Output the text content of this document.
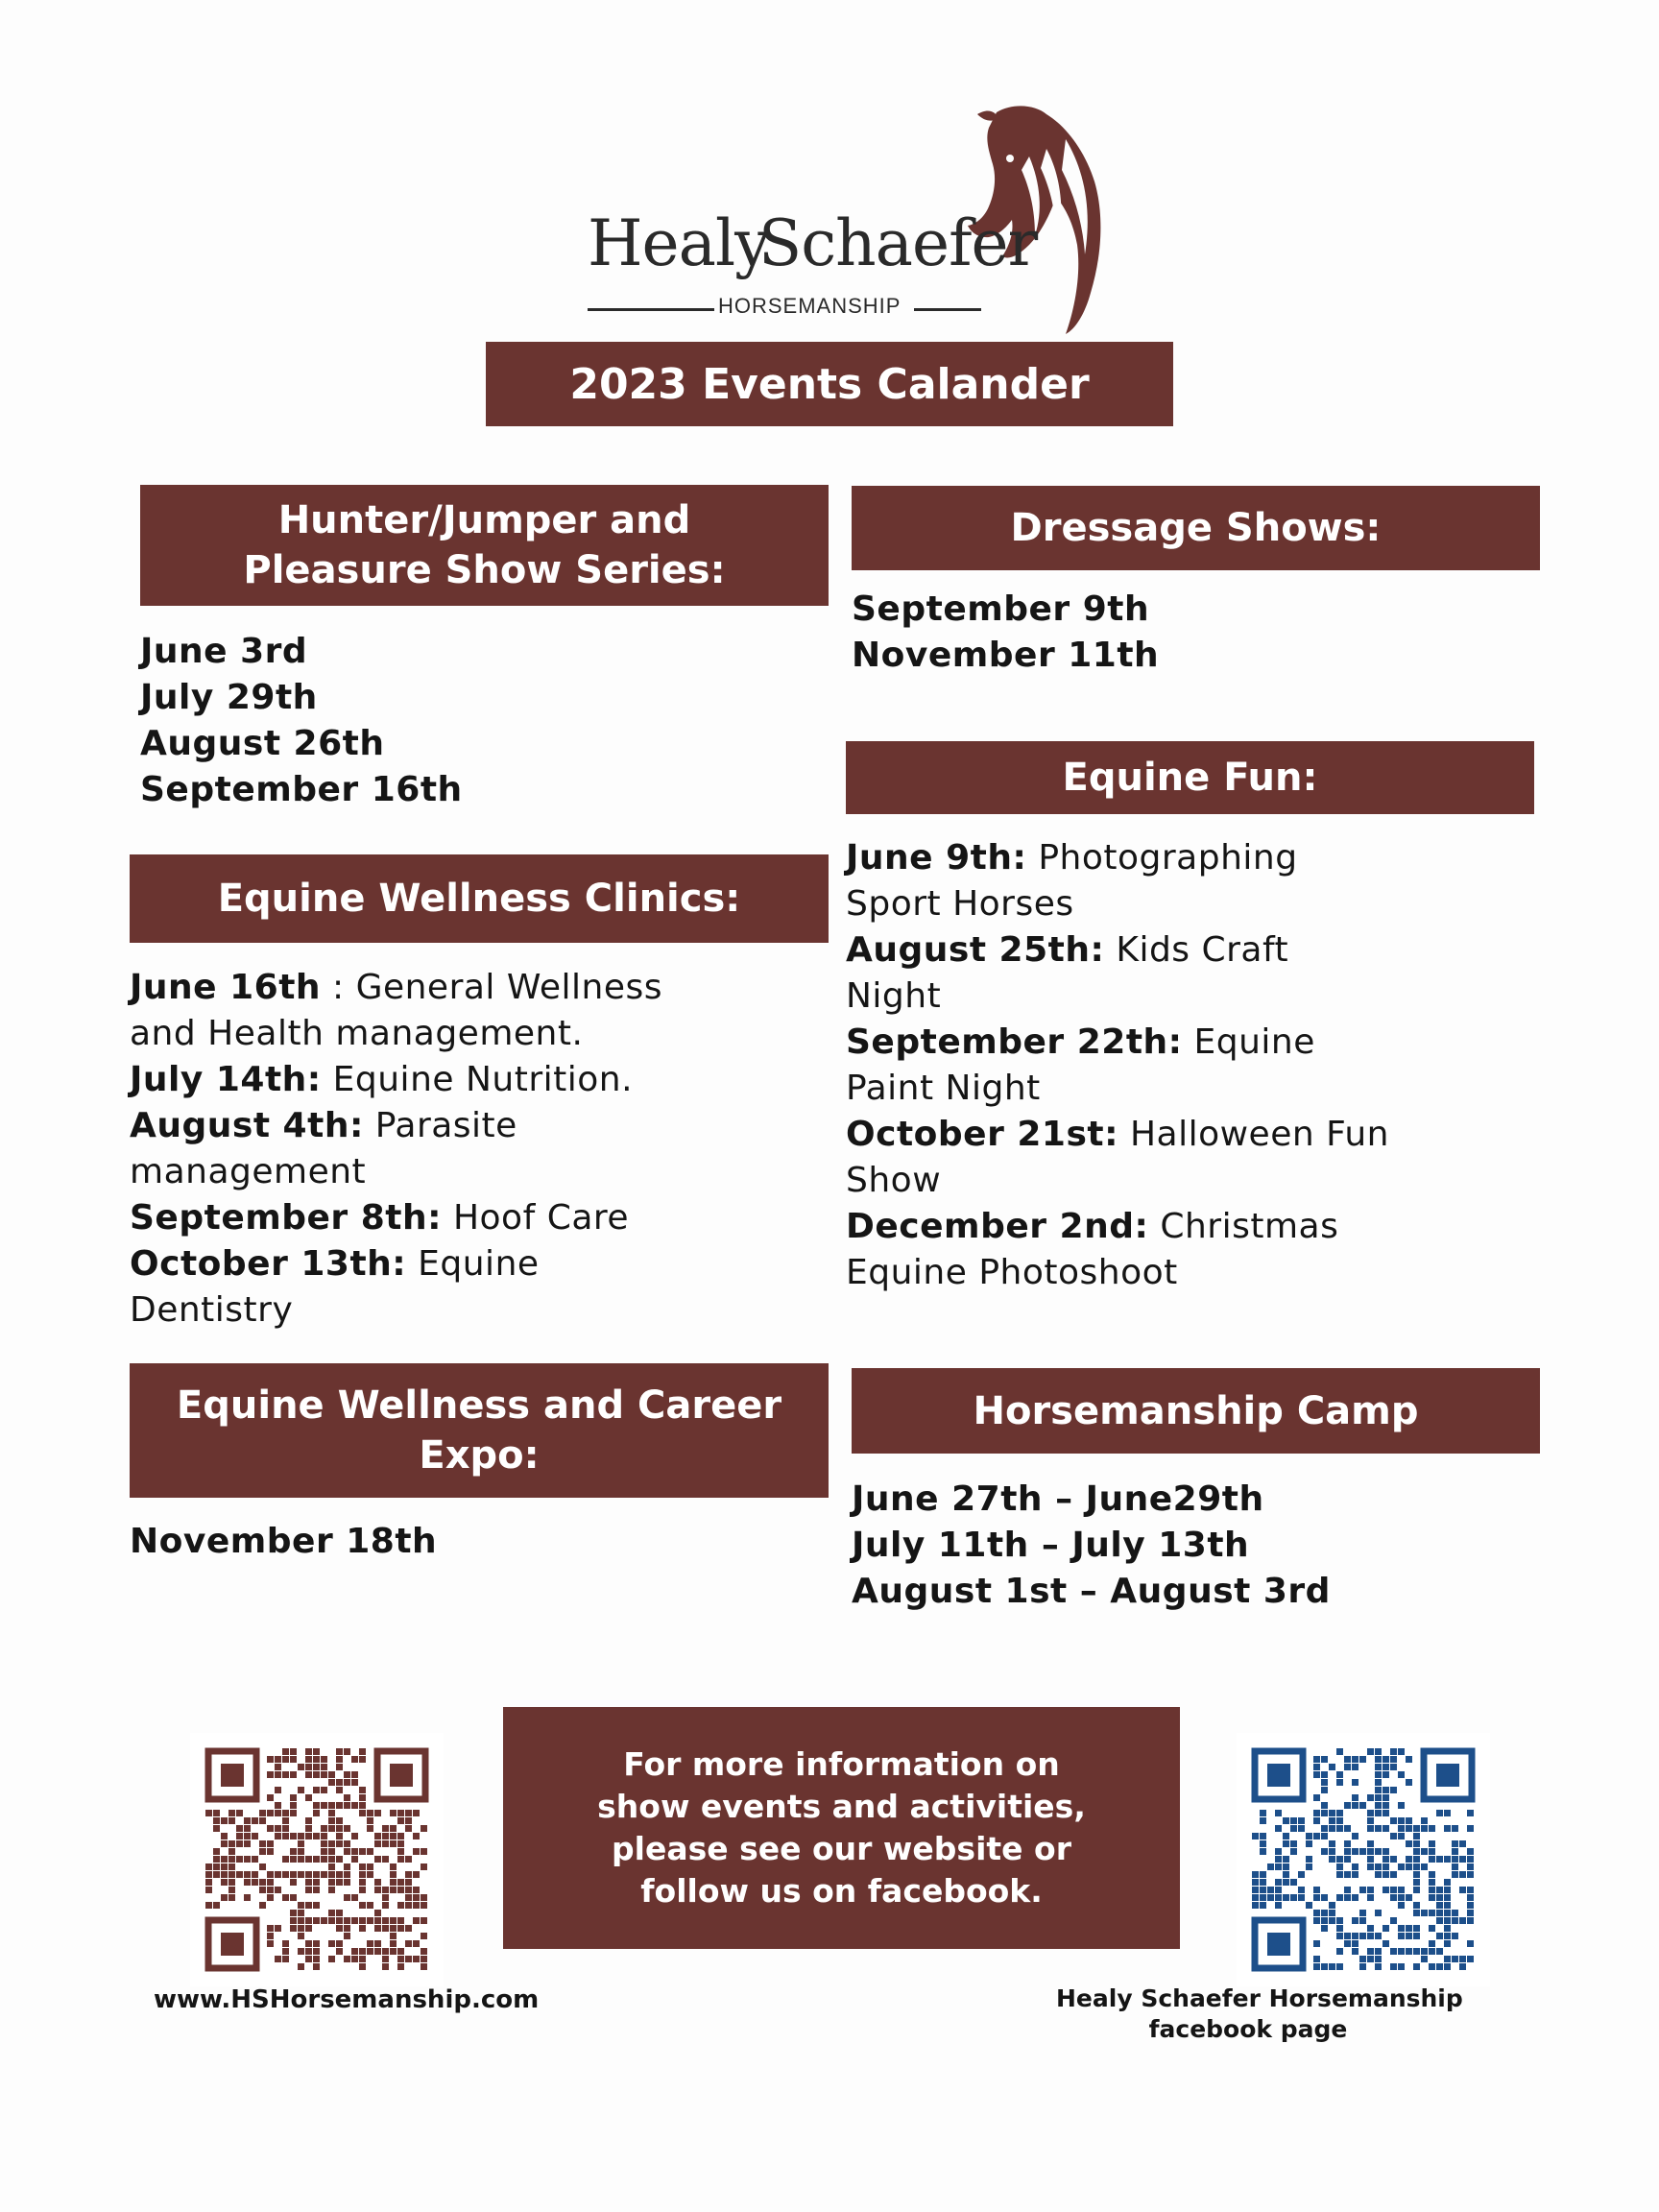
Healy
Schaefer
HORSEMANSHIP
2023 Events Calander
Hunter/Jumper and
Pleasure Show Series:
June 3rd
July 29th
August 26th
September 16th
Dressage Shows:
September 9th
November 11th
Equine Fun:
June 9th: Photographing
Sport Horses
August 25th: Kids Craft
Night
September 22th: Equine
Paint Night
October 21st: Halloween Fun
Show
December 2nd: Christmas
Equine Photoshoot
Equine Wellness Clinics:
June 16th : General Wellness
and Health management.
July 14th: Equine Nutrition.
August 4th: Parasite
management
September 8th: Hoof Care
October 13th: Equine
Dentistry
Equine Wellness and Career
Expo:
November 18th
Horsemanship Camp
June 27th – June29th
July 11th – July 13th
August 1st – August 3rd
For more information on
show events and activities,
please see our website or
follow us on facebook.
www.HSHorsemanship.com	Healy Schaefer Horsemanship
facebook page
